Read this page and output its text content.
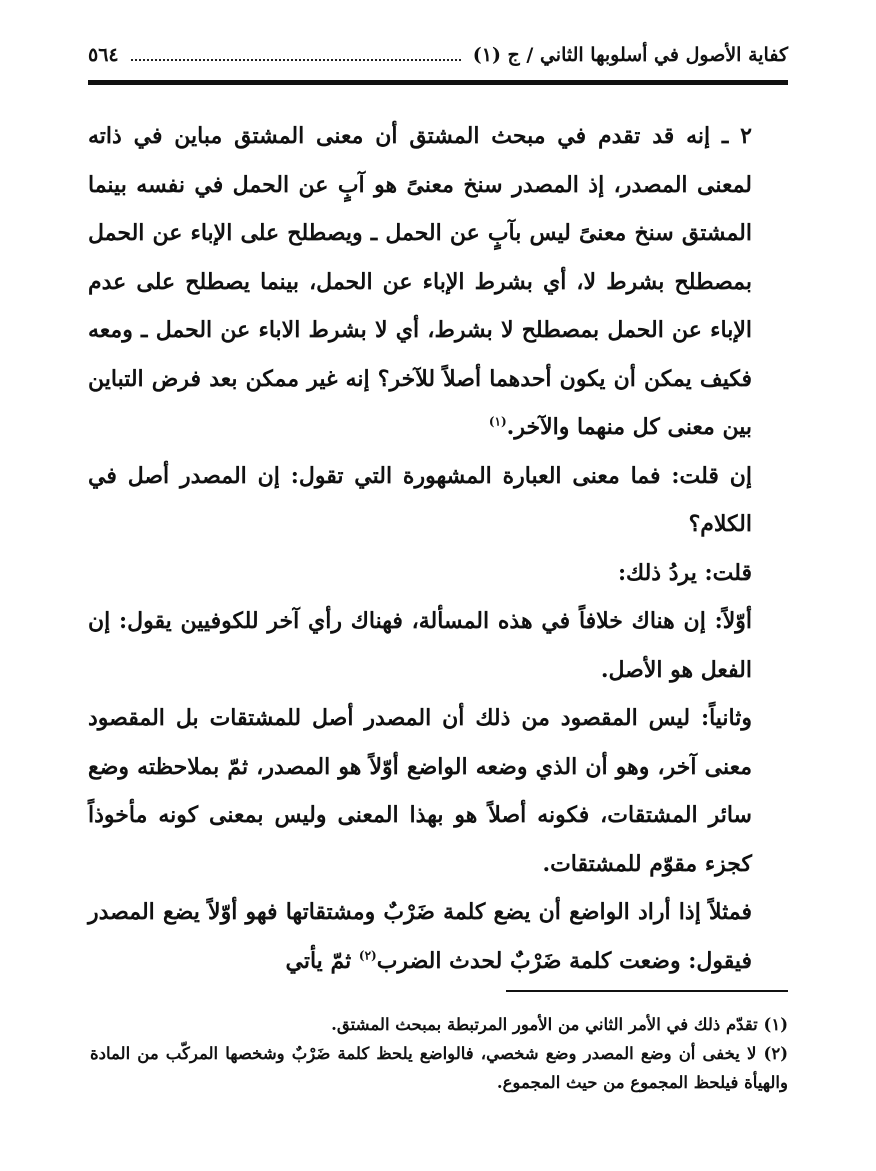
كفاية الأصول في أسلوبها الثاني / ج (١)
٥٦٤

٢ ـ إنه قد تقدم في مبحث المشتق أن معنى المشتق مباين في ذاته لمعنى المصدر، إذ المصدر سنخ معنىً هو آبٍ عن الحمل في نفسه بينما المشتق سنخ معنىً ليس بآبٍ عن الحمل ـ ويصطلح على الإباء عن الحمل بمصطلح بشرط لا، أي بشرط الإباء عن الحمل، بينما يصطلح على عدم الإباء عن الحمل بمصطلح لا بشرط، أي لا بشرط الاباء عن الحمل ـ ومعه فكيف يمكن أن يكون أحدهما أصلاً للآخر؟ إنه غير ممكن بعد فرض التباين بين معنى كل منهما والآخر.$^{(١)}$

إن قلت: فما معنى العبارة المشهورة التي تقول: إن المصدر أصل في الكلام؟

قلت: يردُ ذلك:

أوّلاً: إن هناك خلافاً في هذه المسألة، فهناك رأي آخر للكوفيين يقول: إن الفعل هو الأصل.

وثانياً: ليس المقصود من ذلك أن المصدر أصل للمشتقات بل المقصود معنى آخر، وهو أن الذي وضعه الواضع أوّلاً هو المصدر، ثمّ بملاحظته وضع سائر المشتقات، فكونه أصلاً هو بهذا المعنى وليس بمعنى كونه مأخوذاً كجزء مقوّم للمشتقات.

فمثلاً إذا أراد الواضع أن يضع كلمة ضَرْبٌ ومشتقاتها فهو أوّلاً يضع المصدر فيقول: وضعت كلمة ضَرْبٌ لحدث الضرب$^{(٢)}$ ثمّ يأتي

(١) تقدّم ذلك في الأمر الثاني من الأمور المرتبطة بمبحث المشتق.

(٢) لا يخفى أن وضع المصدر وضع شخصي، فالواضع يلحظ كلمة ضَرْبٌ وشخصها المركّب من المادة والهيأة فيلحظ المجموع من حيث المجموع.
